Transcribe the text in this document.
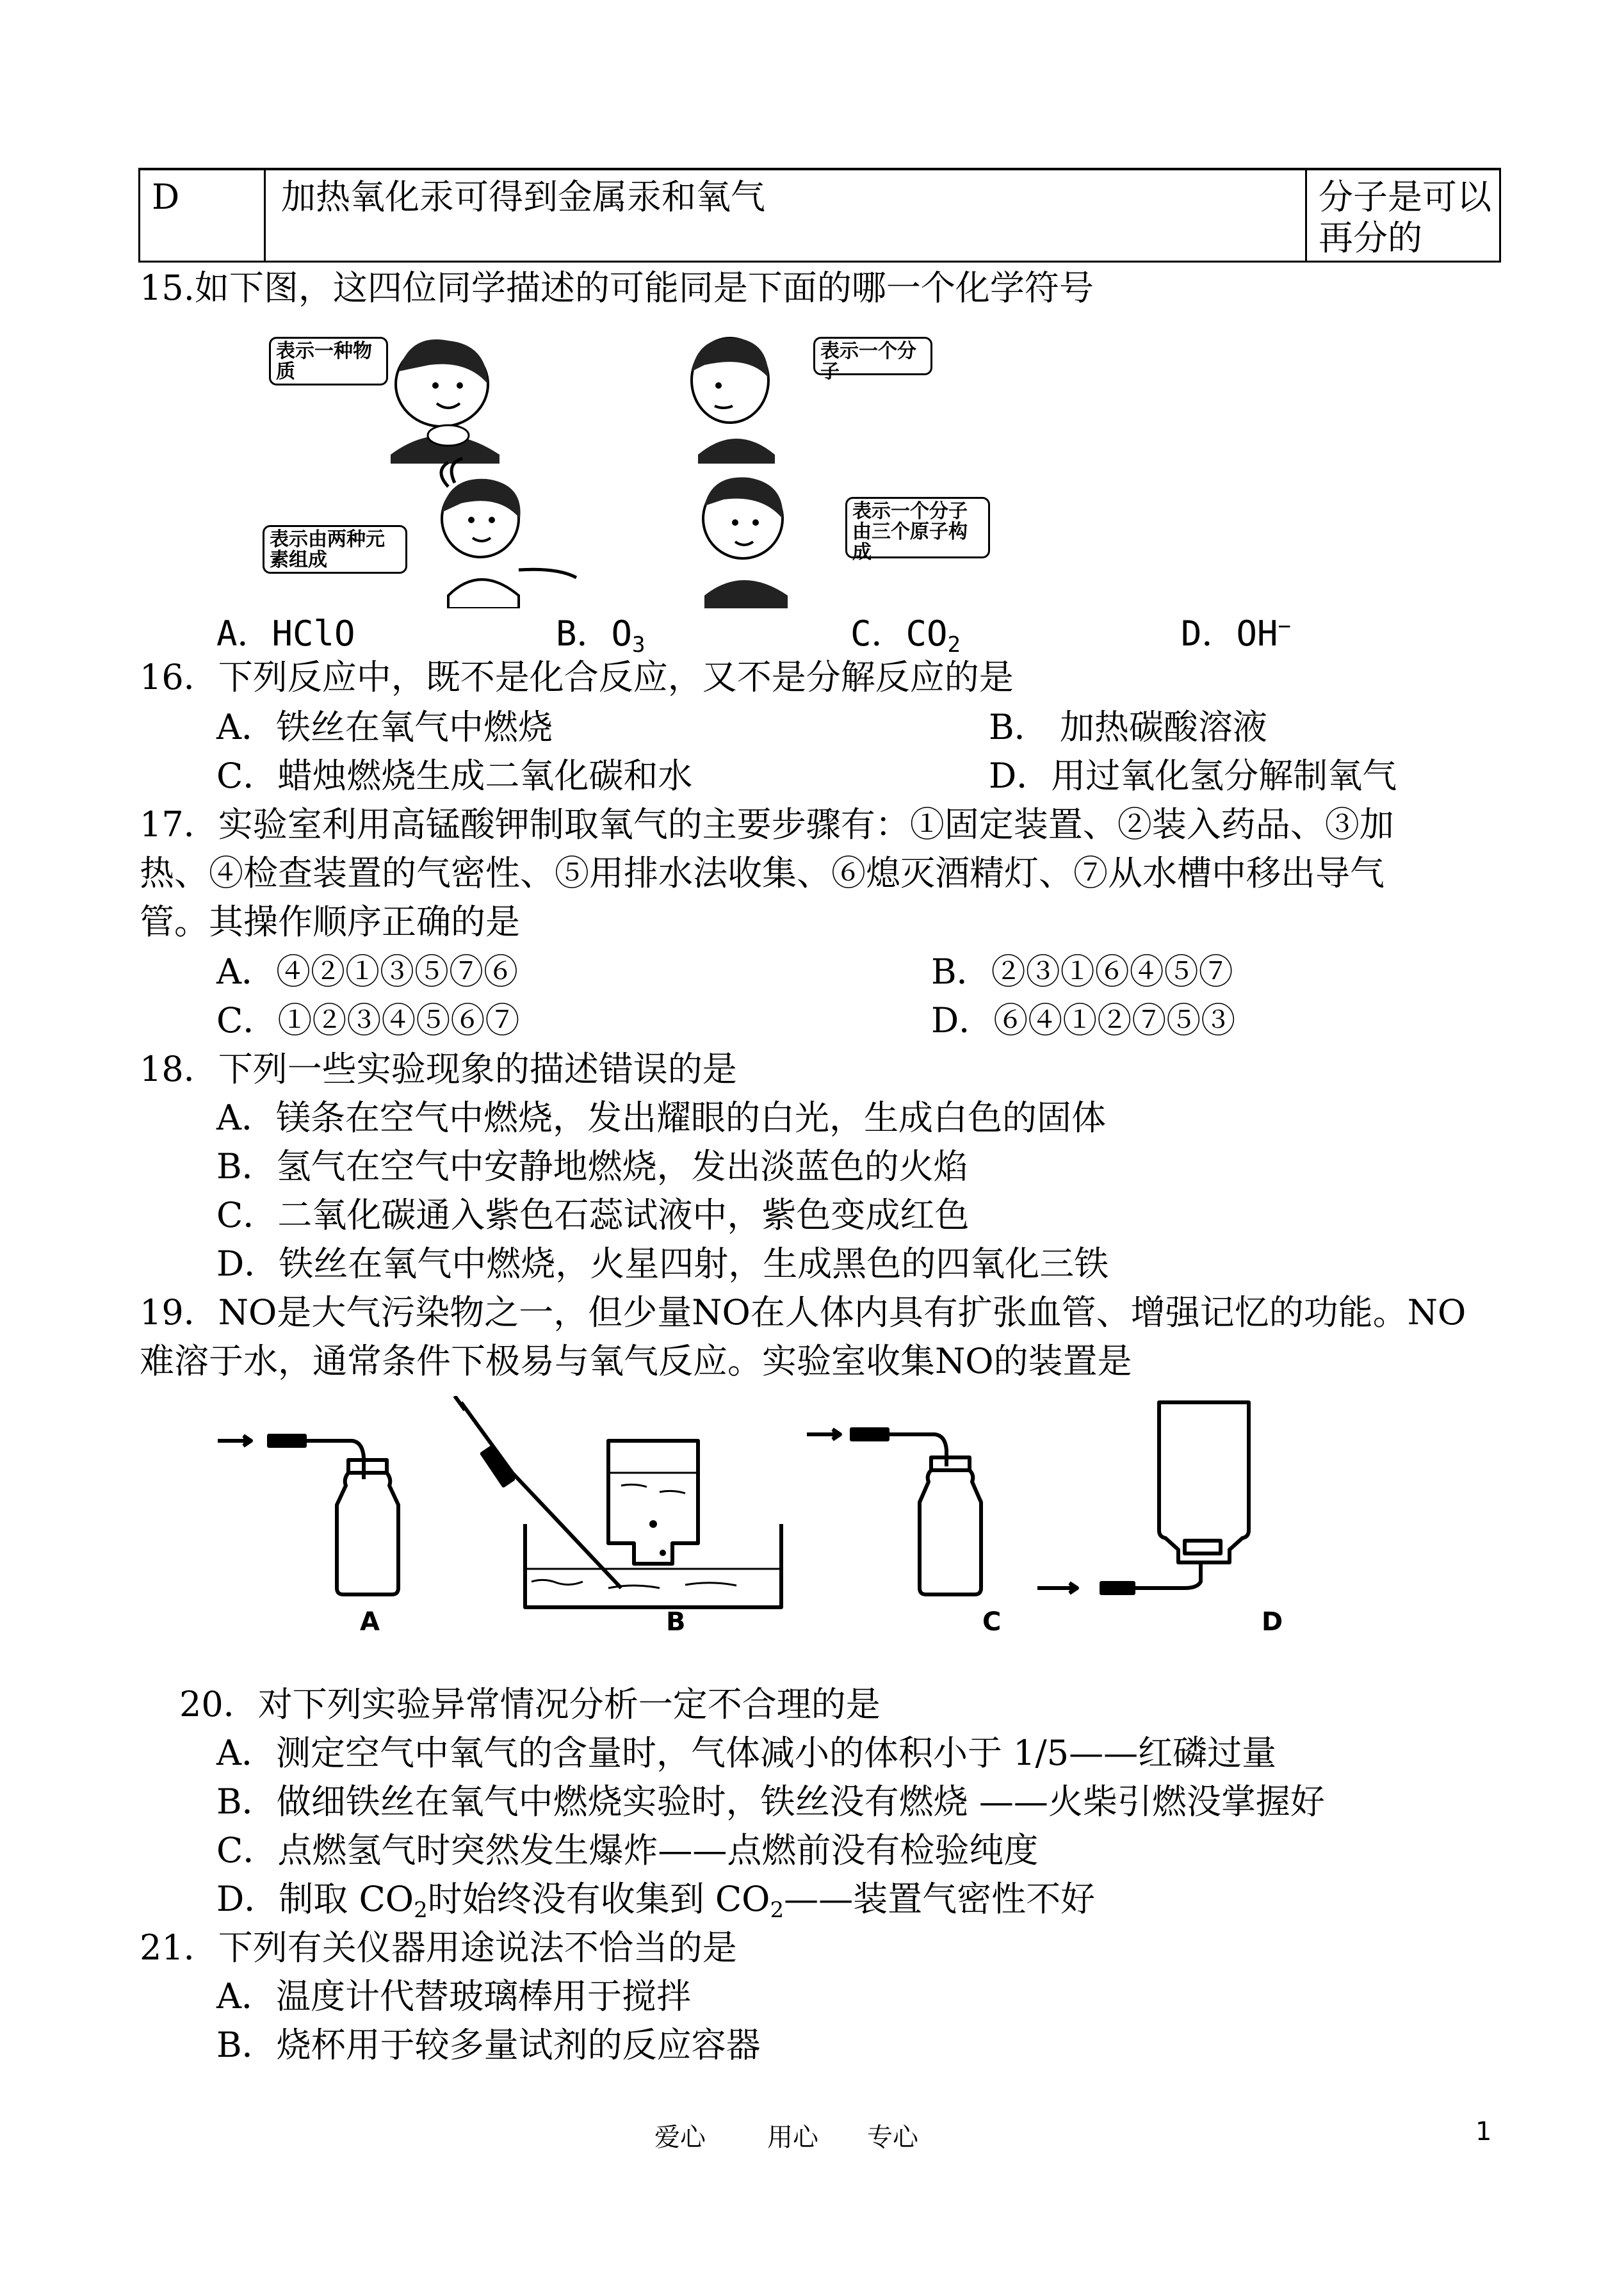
D	加热氧化汞可得到金属汞和氧气	分子是可以再分的
15.如下图，这四位同学描述的可能同是下面的哪一个化学符号
表示一种物质
表示一个分子
表示由两种元素组成
表示一个分子由三个原子构成
A．HClO	B．$O_3$	C．$CO_2$	D．OH−
16．下列反应中，既不是化合反应，又不是分解反应的是
A．铁丝在氧气中燃烧	B． 加热碳酸溶液
C．蜡烛燃烧生成二氧化碳和水	D．用过氧化氢分解制氧气
17．实验室利用高锰酸钾制取氧气的主要步骤有：①固定装置、②装入药品、③加
热、④检查装置的气密性、⑤用排水法收集、⑥熄灭酒精灯、⑦从水槽中移出导气
管。其操作顺序正确的是
A．④②①③⑤⑦⑥	B．②③①⑥④⑤⑦
C．①②③④⑤⑥⑦	D．⑥④①②⑦⑤③
18．下列一些实验现象的描述错误的是
A．镁条在空气中燃烧，发出耀眼的白光，生成白色的固体
B．氢气在空气中安静地燃烧，发出淡蓝色的火焰
C．二氧化碳通入紫色石蕊试液中，紫色变成红色
D．铁丝在氧气中燃烧，火星四射，生成黑色的四氧化三铁
19．NO是大气污染物之一，但少量NO在人体内具有扩张血管、增强记忆的功能。NO
难溶于水，通常条件下极易与氧气反应。实验室收集NO的装置是
A	B	C	D
20．对下列实验异常情况分析一定不合理的是
A．测定空气中氧气的含量时，气体减小的体积小于 1/5——红磷过量
B．做细铁丝在氧气中燃烧实验时，铁丝没有燃烧 ——火柴引燃没掌握好
C．点燃氢气时突然发生爆炸——点燃前没有检验纯度
D．制取 $CO_2$时始终没有收集到 $CO_2——$装置气密性不好
21．下列有关仪器用途说法不恰当的是
A．温度计代替玻璃棒用于搅拌
B．烧杯用于较多量试剂的反应容器
爱心 用心 专心	1
